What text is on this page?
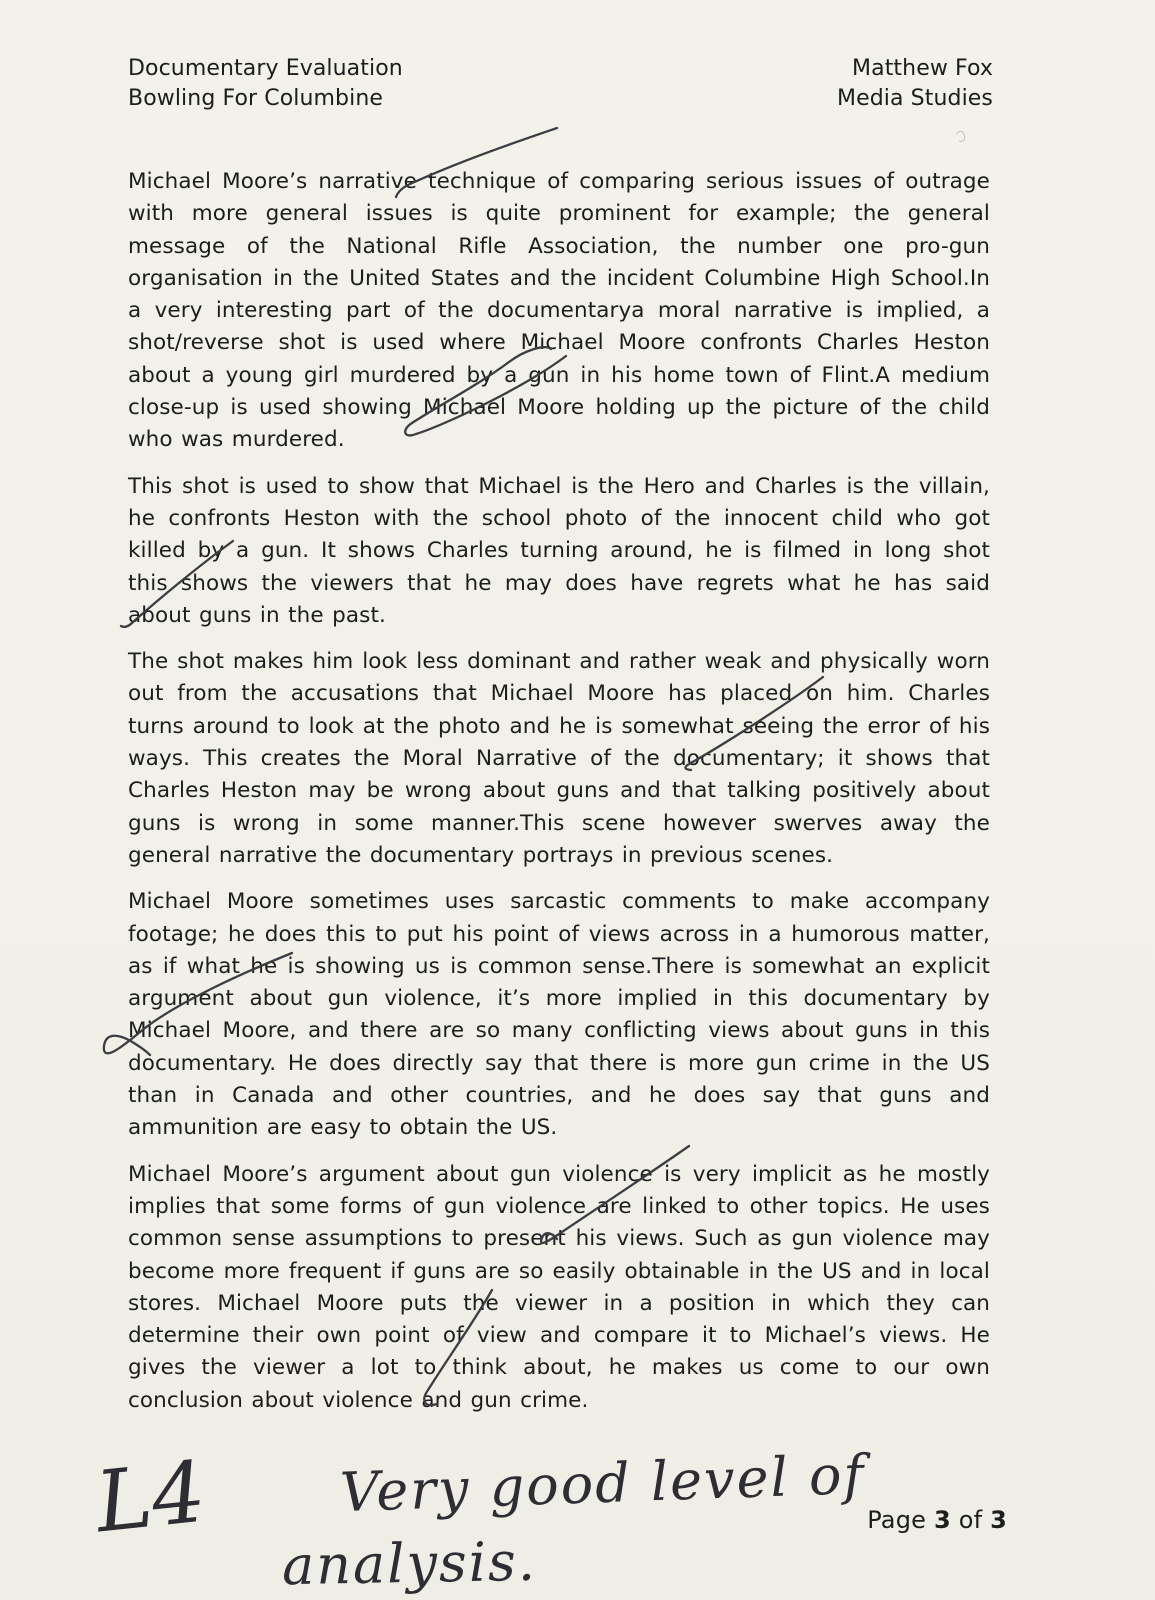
Documentary Evaluation
Bowling For Columbine
Matthew Fox
Media Studies

Michael Moore’s narrative technique of comparing serious issues of outrage with more general issues is quite prominent for example; the general message of the National Rifle Association, the number one pro-gun organisation in the United States and the incident Columbine High School.In a very interesting part of the documentarya moral narrative is implied, a shot/reverse shot is used where Michael Moore confronts Charles Heston about a young girl murdered by a gun in his home town of Flint.A medium close-up is used showing Michael Moore holding up the picture of the child who was murdered.

This shot is used to show that Michael is the Hero and Charles is the villain, he confronts Heston with the school photo of the innocent child who got killed by a gun. It shows Charles turning around, he is filmed in long shot this shows the viewers that he may does have regrets what he has said about guns in the past.

The shot makes him look less dominant and rather weak and physically worn out from the accusations that Michael Moore has placed on him. Charles turns around to look at the photo and he is somewhat seeing the error of his ways. This creates the Moral Narrative of the documentary; it shows that Charles Heston may be wrong about guns and that talking positively about guns is wrong in some manner.This scene however swerves away the general narrative the documentary portrays in previous scenes.

Michael Moore sometimes uses sarcastic comments to make accompany footage; he does this to put his point of views across in a humorous matter, as if what he is showing us is common sense.There is somewhat an explicit argument about gun violence, it’s more implied in this documentary by Michael Moore, and there are so many conflicting views about guns in this documentary. He does directly say that there is more gun crime in the US than in Canada and other countries, and he does say that guns and ammunition are easy to obtain the US.

Michael Moore’s argument about gun violence is very implicit as he mostly implies that some forms of gun violence are linked to other topics. He uses common sense assumptions to present his views. Such as gun violence may become more frequent if guns are so easily obtainable in the US and in local stores. Michael Moore puts the viewer in a position in which they can determine their own point of view and compare it to Michael’s views. He gives the viewer a lot to think about, he makes us come to our own conclusion about violence and gun crime.

L4 Very good level of
analysis.
Page 3 of 3
